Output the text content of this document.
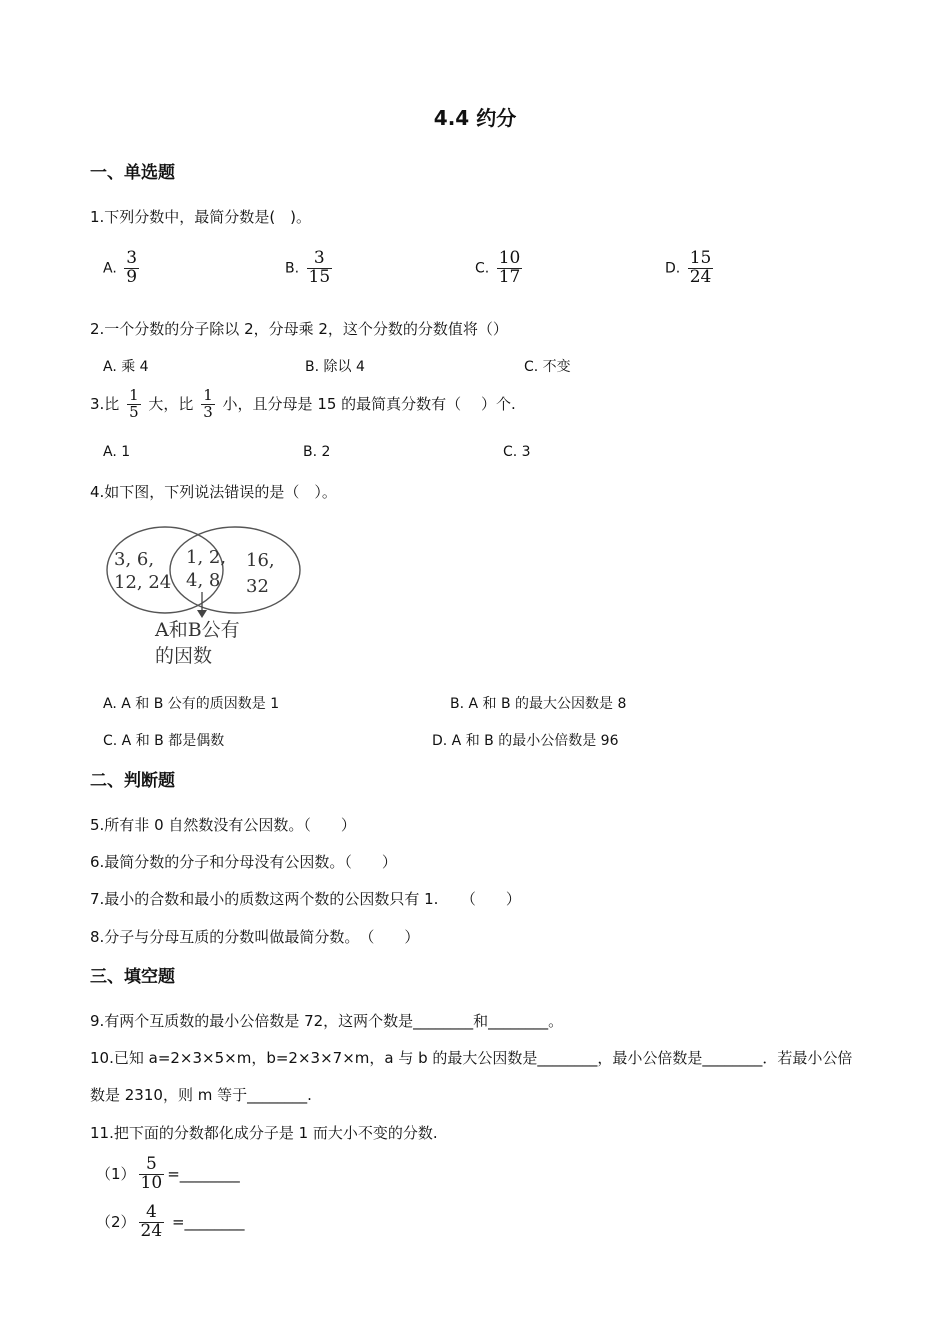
4.4 约分
一、单选题
1.下列分数中，最简分数是(　)。
A. $\frac{3}{9}$	B. $\frac{3}{15}$	C. $\frac{10}{17}$	D. $\frac{15}{24}$
2.一个分数的分子除以 2，分母乘 2，这个分数的分数值将（）
A. 乘 4	B. 除以 4	C. 不变
3.比 $\frac{1}{5}$ 大，比 $\frac{1}{3}$ 小，且分母是 15 的最简真分数有（　 ）个.
A. 1	B. 2	C. 3
4.如下图，下列说法错误的是（　）。
3, 6,
12, 24
1, 2,
4, 8
16,
32
A和B公有
的因数
A. A 和 B 公有的质因数是 1	B. A 和 B 的最大公因数是 8
C. A 和 B 都是偶数	D. A 和 B 的最小公倍数是 96
二、判断题
5.所有非 0 自然数没有公因数。（　　）
6.最简分数的分子和分母没有公因数。（　　）
7.最小的合数和最小的质数这两个数的公因数只有 1.　　（　　）
8.分子与分母互质的分数叫做最简分数。　（　　）
三、填空题
9.有两个互质数的最小公倍数是 72，这两个数是________和________。
10.已知 a=2×3×5×m，b=2×3×7×m，a 与 b 的最大公因数是________，最小公倍数是________．若最小公倍
数是 2310，则 m 等于________.
11.把下面的分数都化成分子是 1 而大小不变的分数.
$(1) \frac{5}{10}$ =________
$(2) \frac{4}{24}$ =________
